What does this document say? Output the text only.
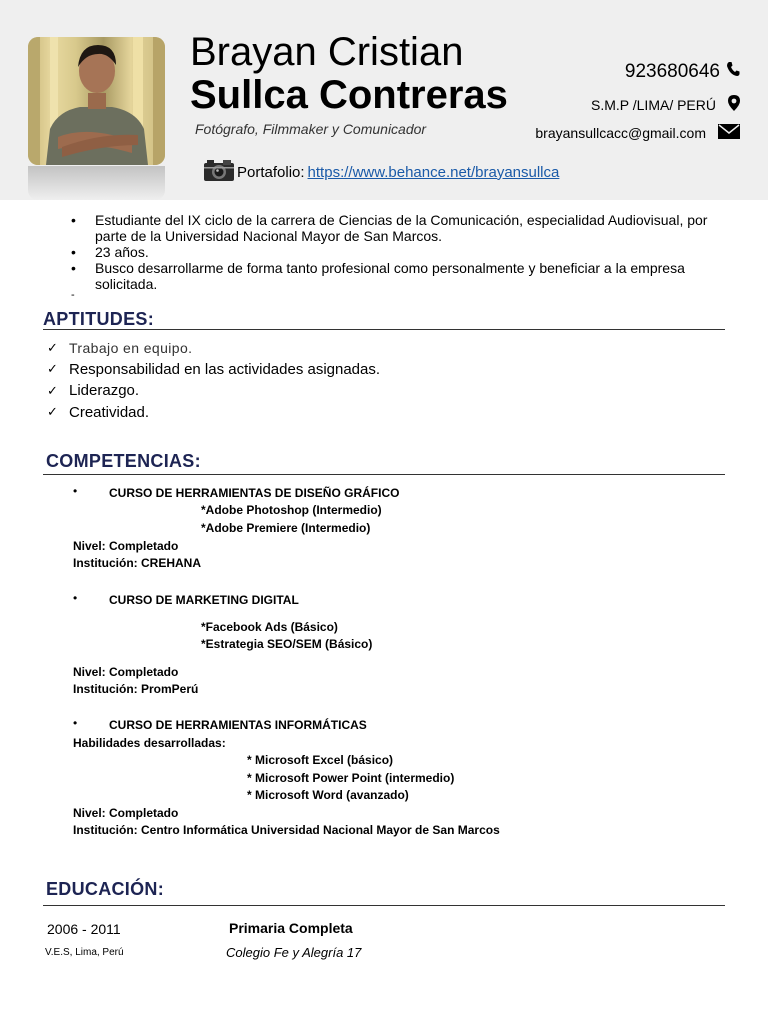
Brayan Cristian
Sullca Contreras
Fotógrafo, Filmmaker y Comunicador
923680646
S.M.P /LIMA/ PERÚ
brayansullcacc@gmail.com
Portafolio: https://www.behance.net/brayansullca
• Estudiante del IX ciclo de la carrera de Ciencias de la Comunicación, especialidad Audiovisual, por parte de la Universidad Nacional Mayor de San Marcos.
• 23 años.
• Busco desarrollarme de forma tanto profesional como personalmente y beneficiar a la empresa solicitada.
-
APTITUDES:
✓ Trabajo en equipo.
✓ Responsabilidad en las actividades asignadas.
✓ Liderazgo.
✓ Creatividad.
COMPETENCIAS:
•	CURSO DE HERRAMIENTAS DE DISEÑO GRÁFICO
*Adobe Photoshop (Intermedio)
*Adobe Premiere (Intermedio)
Nivel: Completado
Institución: CREHANA
•	CURSO DE MARKETING DIGITAL
*Facebook Ads (Básico)
*Estrategia SEO/SEM (Básico)
Nivel: Completado
Institución: PromPerú
•	CURSO DE HERRAMIENTAS INFORMÁTICAS
Habilidades desarrolladas:
* Microsoft Excel (básico)
* Microsoft Power Point (intermedio)
* Microsoft Word (avanzado)
Nivel: Completado
Institución: Centro Informática Universidad Nacional Mayor de San Marcos
EDUCACIÓN:
2006 - 2011	Primaria Completa
V.E.S, Lima, Perú	Colegio Fe y Alegría 17
